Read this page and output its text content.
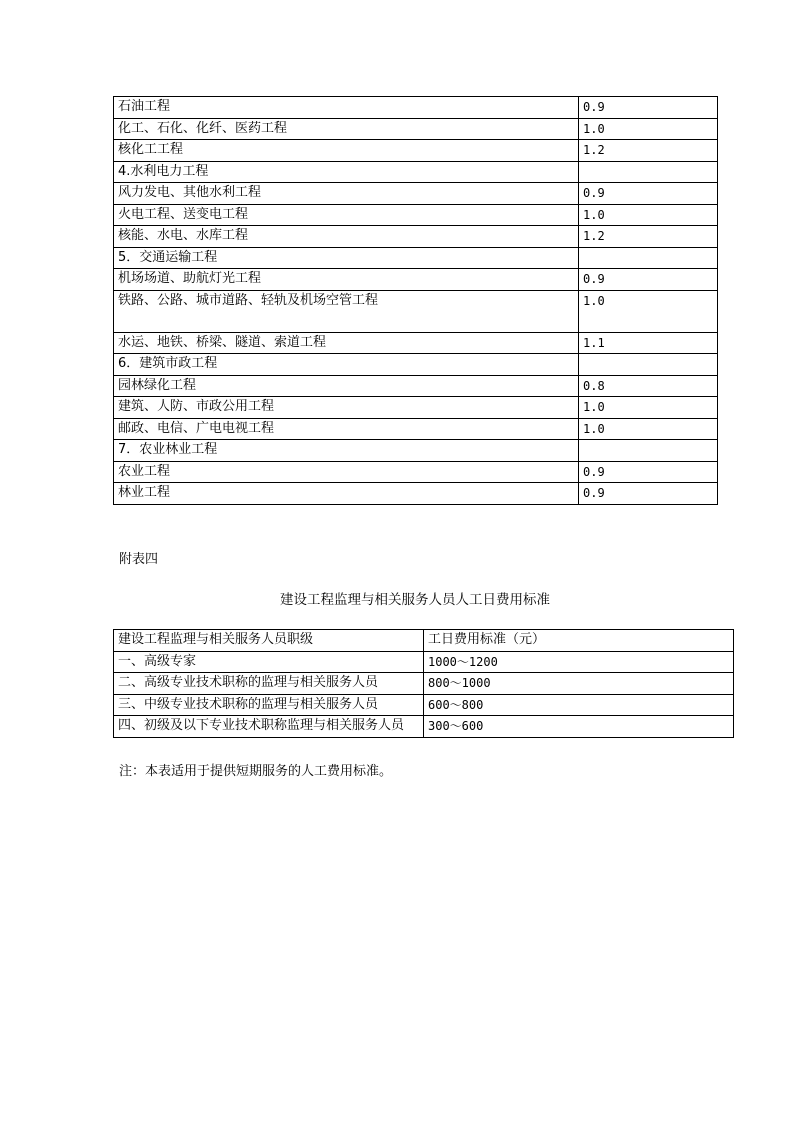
石油工程	0.9
化工、石化、化纤、医药工程	1.0
核化工工程	1.2
4.水利电力工程	
风力发电、其他水利工程	0.9
火电工程、送变电工程	1.0
核能、水电、水库工程	1.2
5．交通运输工程	
机场场道、助航灯光工程	0.9
铁路、公路、城市道路、轻轨及机场空管工程	1.0
水运、地铁、桥梁、隧道、索道工程	1.1
6．建筑市政工程	
园林绿化工程	0.8
建筑、人防、市政公用工程	1.0
邮政、电信、广电电视工程	1.0
7．农业林业工程	
农业工程	0.9
林业工程	0.9
附表四
建设工程监理与相关服务人员人工日费用标准
建设工程监理与相关服务人员职级	工日费用标准（元）
一、高级专家	1000～1200
二、高级专业技术职称的监理与相关服务人员	800～1000
三、中级专业技术职称的监理与相关服务人员	600～800
四、初级及以下专业技术职称监理与相关服务人员	300～600
注：本表适用于提供短期服务的人工费用标准。
